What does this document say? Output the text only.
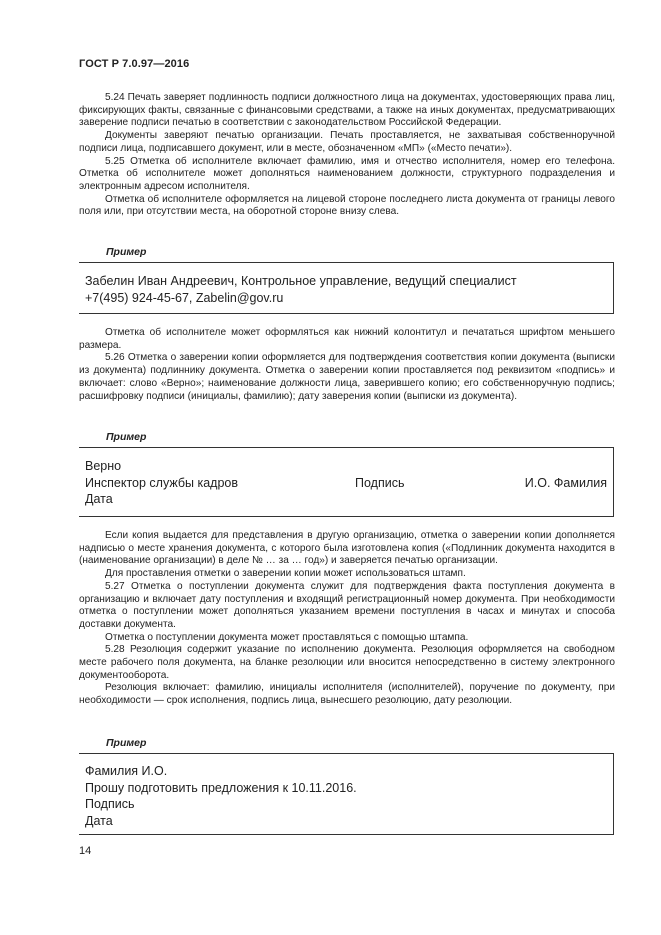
ГОСТ Р 7.0.97—2016

5.24 Печать заверяет подлинность подписи должностного лица на документах, удостоверяющих права лиц, фиксирующих факты, связанные с финансовыми средствами, а также на иных документах, предусматривающих заверение подписи печатью в соответствии с законодательством Российской Федерации.

Документы заверяют печатью организации. Печать проставляется, не захватывая собственноручной подписи лица, подписавшего документ, или в месте, обозначенном «МП» («Место печати»).

5.25 Отметка об исполнителе включает фамилию, имя и отчество исполнителя, номер его телефона. Отметка об исполнителе может дополняться наименованием должности, структурного подразделения и электронным адресом исполнителя.

Отметка об исполнителе оформляется на лицевой стороне последнего листа документа от границы левого поля или, при отсутствии места, на оборотной стороне внизу слева.

Пример
Забелин Иван Андреевич, Контрольное управление, ведущий специалист
+7(495) 924-45-67, Zabelin@gov.ru

Отметка об исполнителе может оформляться как нижний колонтитул и печататься шрифтом меньшего размера.

5.26 Отметка о заверении копии оформляется для подтверждения соответствия копии документа (выписки из документа) подлиннику документа. Отметка о заверении копии проставляется под реквизитом «подпись» и включает: слово «Верно»; наименование должности лица, заверившего копию; его собственноручную подпись; расшифровку подписи (инициалы, фамилию); дату заверения копии (выписки из документа).

Пример
Верно
Инспектор службы кадров	Подпись	И.О. Фамилия
Дата

Если копия выдается для представления в другую организацию, отметка о заверении копии дополняется надписью о месте хранения документа, с которого была изготовлена копия («Подлинник документа находится в (наименование организации) в деле № … за … год») и заверяется печатью организации.

Для проставления отметки о заверении копии может использоваться штамп.

5.27 Отметка о поступлении документа служит для подтверждения факта поступления документа в организацию и включает дату поступления и входящий регистрационный номер документа. При необходимости отметка о поступлении может дополняться указанием времени поступления в часах и минутах и способа доставки документа.

Отметка о поступлении документа может проставляться с помощью штампа.

5.28 Резолюция содержит указание по исполнению документа. Резолюция оформляется на свободном месте рабочего поля документа, на бланке резолюции или вносится непосредственно в систему электронного документооборота.

Резолюция включает: фамилию, инициалы исполнителя (исполнителей), поручение по документу, при необходимости — срок исполнения, подпись лица, вынесшего резолюцию, дату резолюции.

Пример
Фамилия И.О.
Прошу подготовить предложения к 10.11.2016.
Подпись
Дата
14
